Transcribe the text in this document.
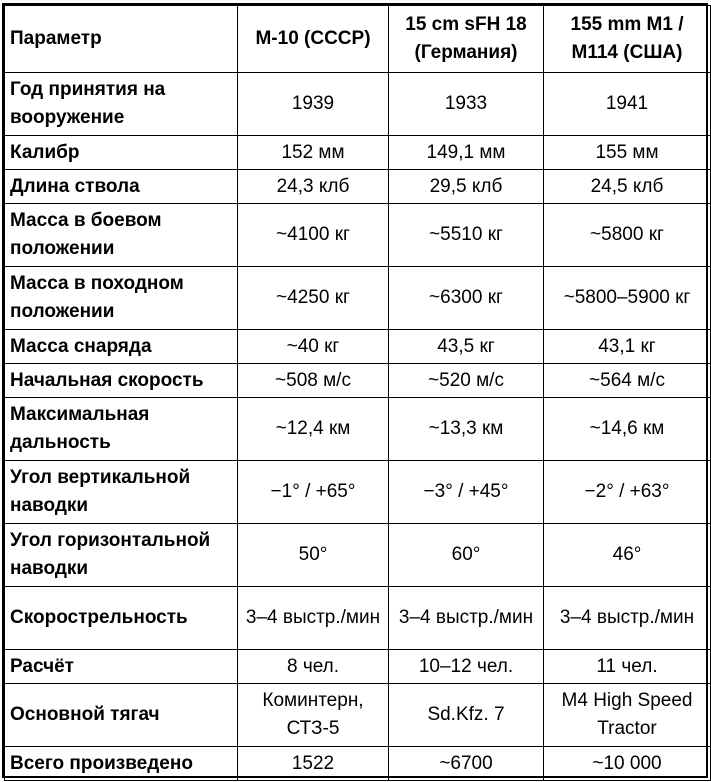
Параметр	M-10 (СССР)	15 cm sFH 18 (Германия)	155 mm M1 / M114 (США)
Год принятия на вооружение	1939	1933	1941
Калибр	152 мм	149,1 мм	155 мм
Длина ствола	24,3 клб	29,5 клб	24,5 клб
Масса в боевом положении	~4100 кг	~5510 кг	~5800 кг
Масса в походном положении	~4250 кг	~6300 кг	~5800–5900 кг
Масса снаряда	~40 кг	43,5 кг	43,1 кг
Начальная скорость	~508 м/с	~520 м/с	~564 м/с
Максимальная дальность	~12,4 км	~13,3 км	~14,6 км
Угол вертикальной наводки	−1° / +65°	−3° / +45°	−2° / +63°
Угол горизонтальной наводки	50°	60°	46°
Скорострельность	3–4 выстр./мин	3–4 выстр./мин	3–4 выстр./мин
Расчёт	8 чел.	10–12 чел.	11 чел.
Основной тягач	Коминтерн, СТЗ-5	Sd.Kfz. 7	M4 High Speed Tractor
Всего произведено	1522	~6700	~10 000
